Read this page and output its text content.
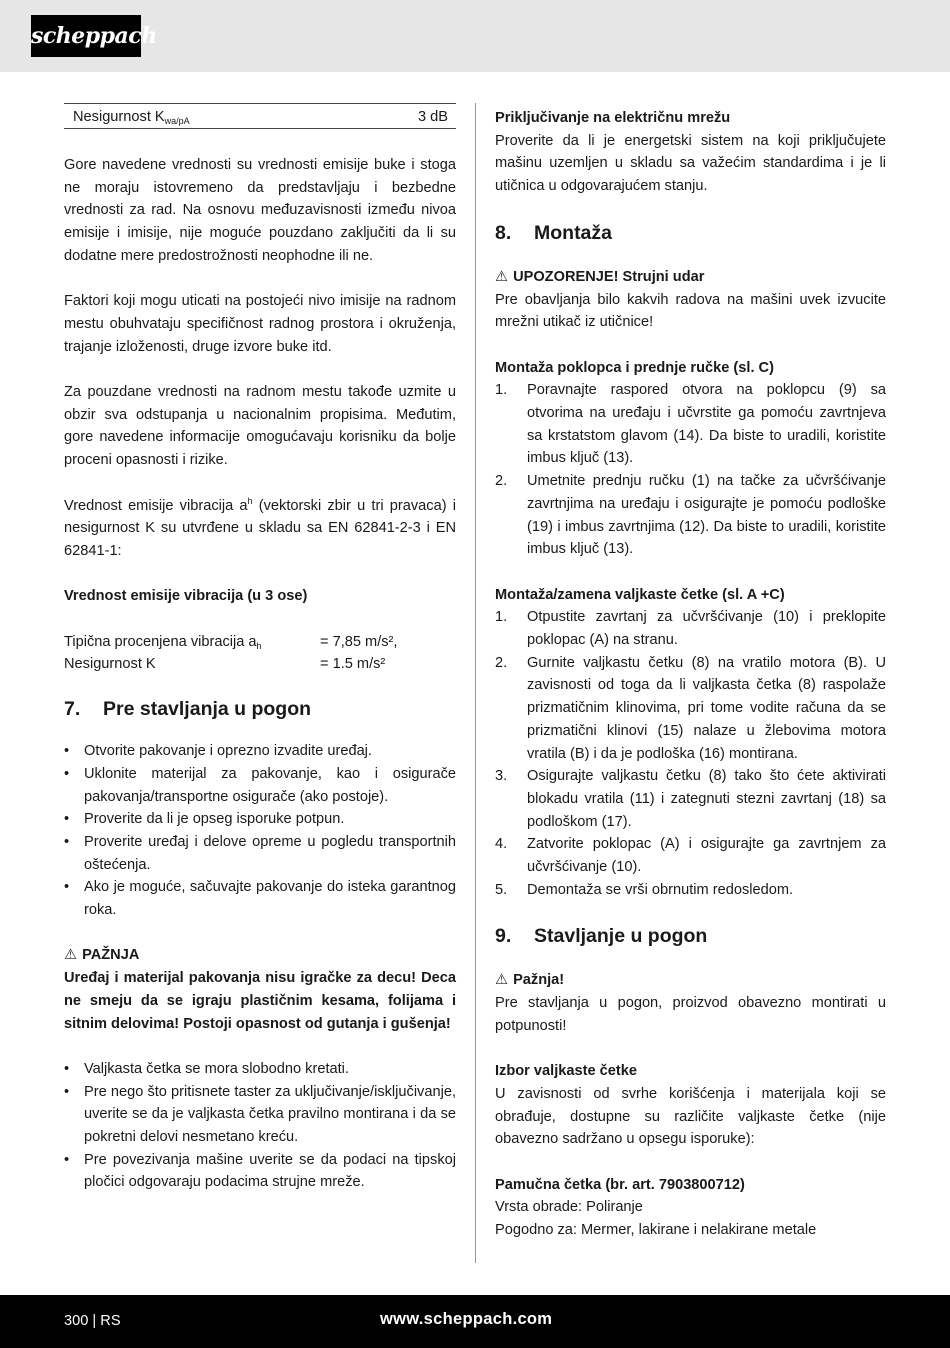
scheppach
Nesigurnost $K_{wa/pA}$	3 dB

Gore navedene vrednosti su vrednosti emisije buke i stoga ne moraju istovremeno da predstavljaju i bezbedne vrednosti za rad. Na osnovu međuzavisnosti između nivoa emisije i imisije, nije moguće pouzdano zaključiti da li su dodatne mere predostrožnosti neophodne ili ne.

Faktori koji mogu uticati na postojeći nivo imisije na radnom mestu obuhvataju specifičnost radnog prostora i okruženja, trajanje izloženosti, druge izvore buke itd.

Za pouzdane vrednosti na radnom mestu takođe uzmite u obzir sva odstupanja u nacionalnim propisima. Međutim, gore navedene informacije omogućavaju korisniku da bolje proceni opasnosti i rizike.

Vrednost emisije vibracija $a^h$ (vektorski zbir u tri pravaca) i nesigurnost K su utvrđene u skladu sa EN 62841-2-3 i EN 62841-1:

Vrednost emisije vibracija (u 3 ose)

Tipična procenjena vibracija $a_h$	= 7,85 m/s²,
Nesigurnost K	= 1.5 m/s²
7. Pre stavljanja u pogon
• Otvorite pakovanje i oprezno izvadite uređaj.
• Uklonite materijal za pakovanje, kao i osigurače pakovanja/transportne osigurače (ako postoje).
• Proverite da li je opseg isporuke potpun.
• Proverite uređaj i delove opreme u pogledu transportnih oštećenja.
• Ako je moguće, sačuvajte pakovanje do isteka garantnog roka.

⚠ PAŽNJA

Uređaj i materijal pakovanja nisu igračke za decu! Deca ne smeju da se igraju plastičnim kesama, folijama i sitnim delovima! Postoji opasnost od gutanja i gušenja!

• Valjkasta četka se mora slobodno kretati.
• Pre nego što pritisnete taster za uključivanje/isključivanje, uverite se da je valjkasta četka pravilno montirana i da se pokretni delovi nesmetano kreću.
• Pre povezivanja mašine uverite se da podaci na tipskoj pločici odgovaraju podacima strujne mreže.

Priključivanje na električnu mrežu

Proverite da li je energetski sistem na koji priključujete mašinu uzemljen u skladu sa važećim standardima i je li utičnica u odgovarajućem stanju.

8. Montaža

⚠ UPOZORENJE! Strujni udar

Pre obavljanja bilo kakvih radova na mašini uvek izvucite mrežni utikač iz utičnice!

Montaža poklopca i prednje ručke (sl. C)

1. Poravnajte raspored otvora na poklopcu (9) sa otvorima na uređaju i učvrstite ga pomoću zavrtnjeva sa krstatstom glavom (14). Da biste to uradili, koristite imbus ključ (13).
2. Umetnite prednju ručku (1) na tačke za učvršćivanje zavrtnjima na uređaju i osigurajte je pomoću podloške (19) i imbus zavrtnjima (12). Da biste to uradili, koristite imbus ključ (13).

Montaža/zamena valjkaste četke (sl. A +C)

1. Otpustite zavrtanj za učvršćivanje (10) i preklopite poklopac (A) na stranu.
2. Gurnite valjkastu četku (8) na vratilo motora (B). U zavisnosti od toga da li valjkasta četka (8) raspolaže prizmatičnim klinovima, pri tome vodite računa da se prizmatični klinovi (15) nalaze u žlebovima motora vratila (B) i da je podloška (16) montirana.
3. Osigurajte valjkastu četku (8) tako što ćete aktivirati blokadu vratila (11) i zategnuti stezni zavrtanj (18) sa podloškom (17).
4. Zatvorite poklopac (A) i osigurajte ga zavrtnjem za učvršćivanje (10).
5. Demontaža se vrši obrnutim redosledom.
9. Stavljanje u pogon

⚠ Pažnja!

Pre stavljanja u pogon, proizvod obavezno montirati u potpunosti!

Izbor valjkaste četke

U zavisnosti od svrhe korišćenja i materijala koji se obrađuje, dostupne su različite valjkaste četke (nije obavezno sadržano u opsegu isporuke):

Pamučna četka (br. art. 7903800712)

Vrsta obrade: Poliranje

Pogodno za: Mermer, lakirane i nelakirane metale

300 | RS	www.scheppach.com
